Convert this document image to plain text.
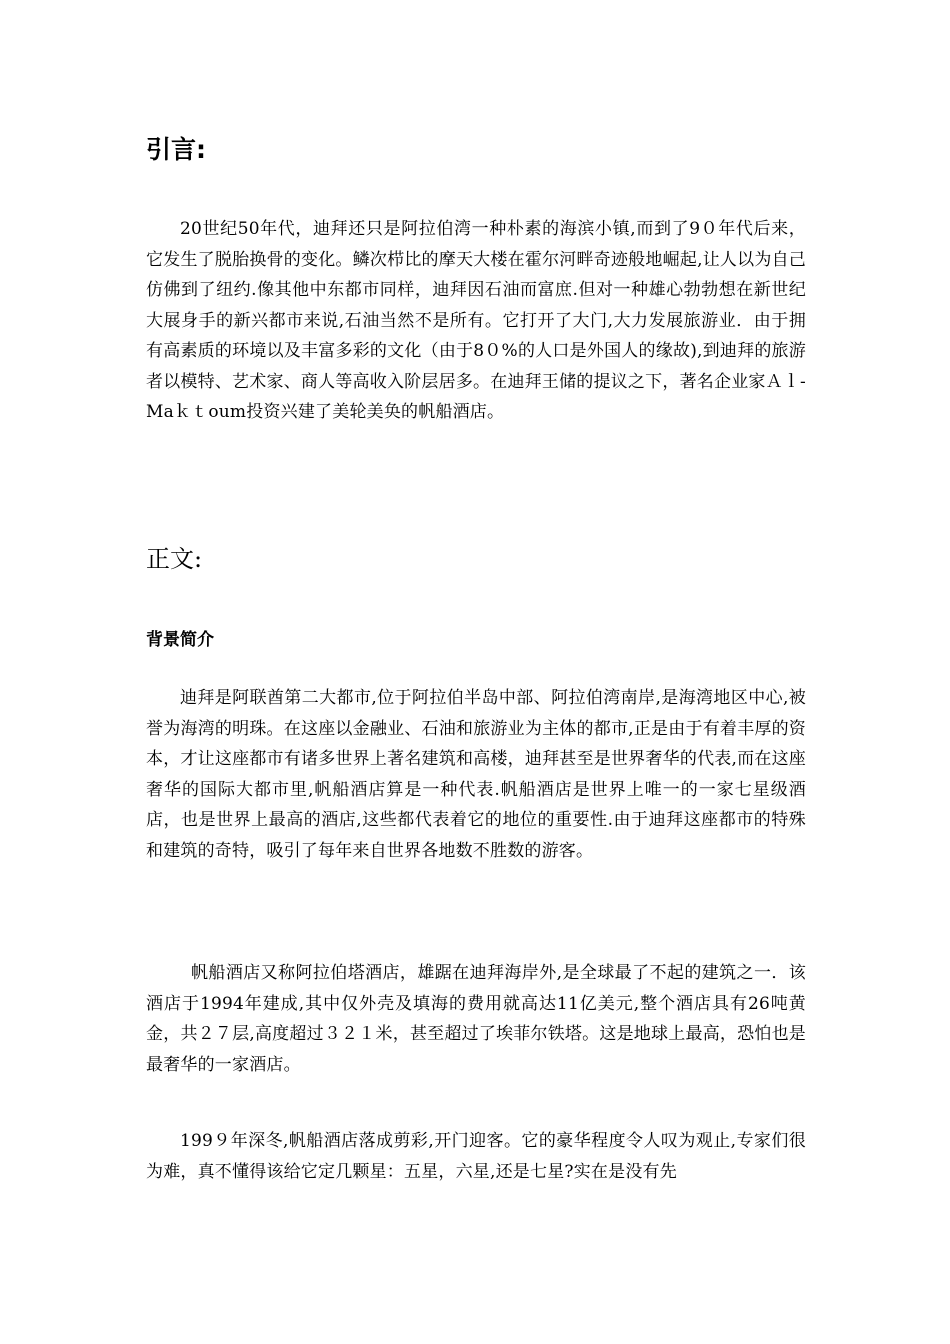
引言:

20世纪50年代，迪拜还只是阿拉伯湾一种朴素的海滨小镇,而到了9０年代后来，它发生了脱胎换骨的变化。鳞次栉比的摩天大楼在霍尔河畔奇迹般地崛起,让人以为自己仿佛到了纽约.像其他中东都市同样，迪拜因石油而富庶.但对一种雄心勃勃想在新世纪大展身手的新兴都市来说,石油当然不是所有。它打开了大门,大力发展旅游业．由于拥有高素质的环境以及丰富多彩的文化（由于8０%的人口是外国人的缘故),到迪拜的旅游者以模特、艺术家、商人等高收入阶层居多。在迪拜王储的提议之下，著名企业家Ａｌ-Maｋｔoum投资兴建了美轮美奂的帆船酒店。

正文:
背景简介

迪拜是阿联酋第二大都市,位于阿拉伯半岛中部、阿拉伯湾南岸,是海湾地区中心,被誉为海湾的明珠。在这座以金融业、石油和旅游业为主体的都市,正是由于有着丰厚的资本，才让这座都市有诸多世界上著名建筑和高楼，迪拜甚至是世界奢华的代表,而在这座奢华的国际大都市里,帆船酒店算是一种代表.帆船酒店是世界上唯一的一家七星级酒店，也是世界上最高的酒店,这些都代表着它的地位的重要性.由于迪拜这座都市的特殊和建筑的奇特，吸引了每年来自世界各地数不胜数的游客。

帆船酒店又称阿拉伯塔酒店，雄踞在迪拜海岸外,是全球最了不起的建筑之一．该酒店于1994年建成,其中仅外壳及填海的费用就高达11亿美元,整个酒店具有26吨黄金，共２７层,高度超过３２１米，甚至超过了埃菲尔铁塔。这是地球上最高，恐怕也是最奢华的一家酒店。

199９年深冬,帆船酒店落成剪彩,开门迎客。它的豪华程度令人叹为观止,专家们很为难，真不懂得该给它定几颗星：五星，六星,还是七星?实在是没有先
